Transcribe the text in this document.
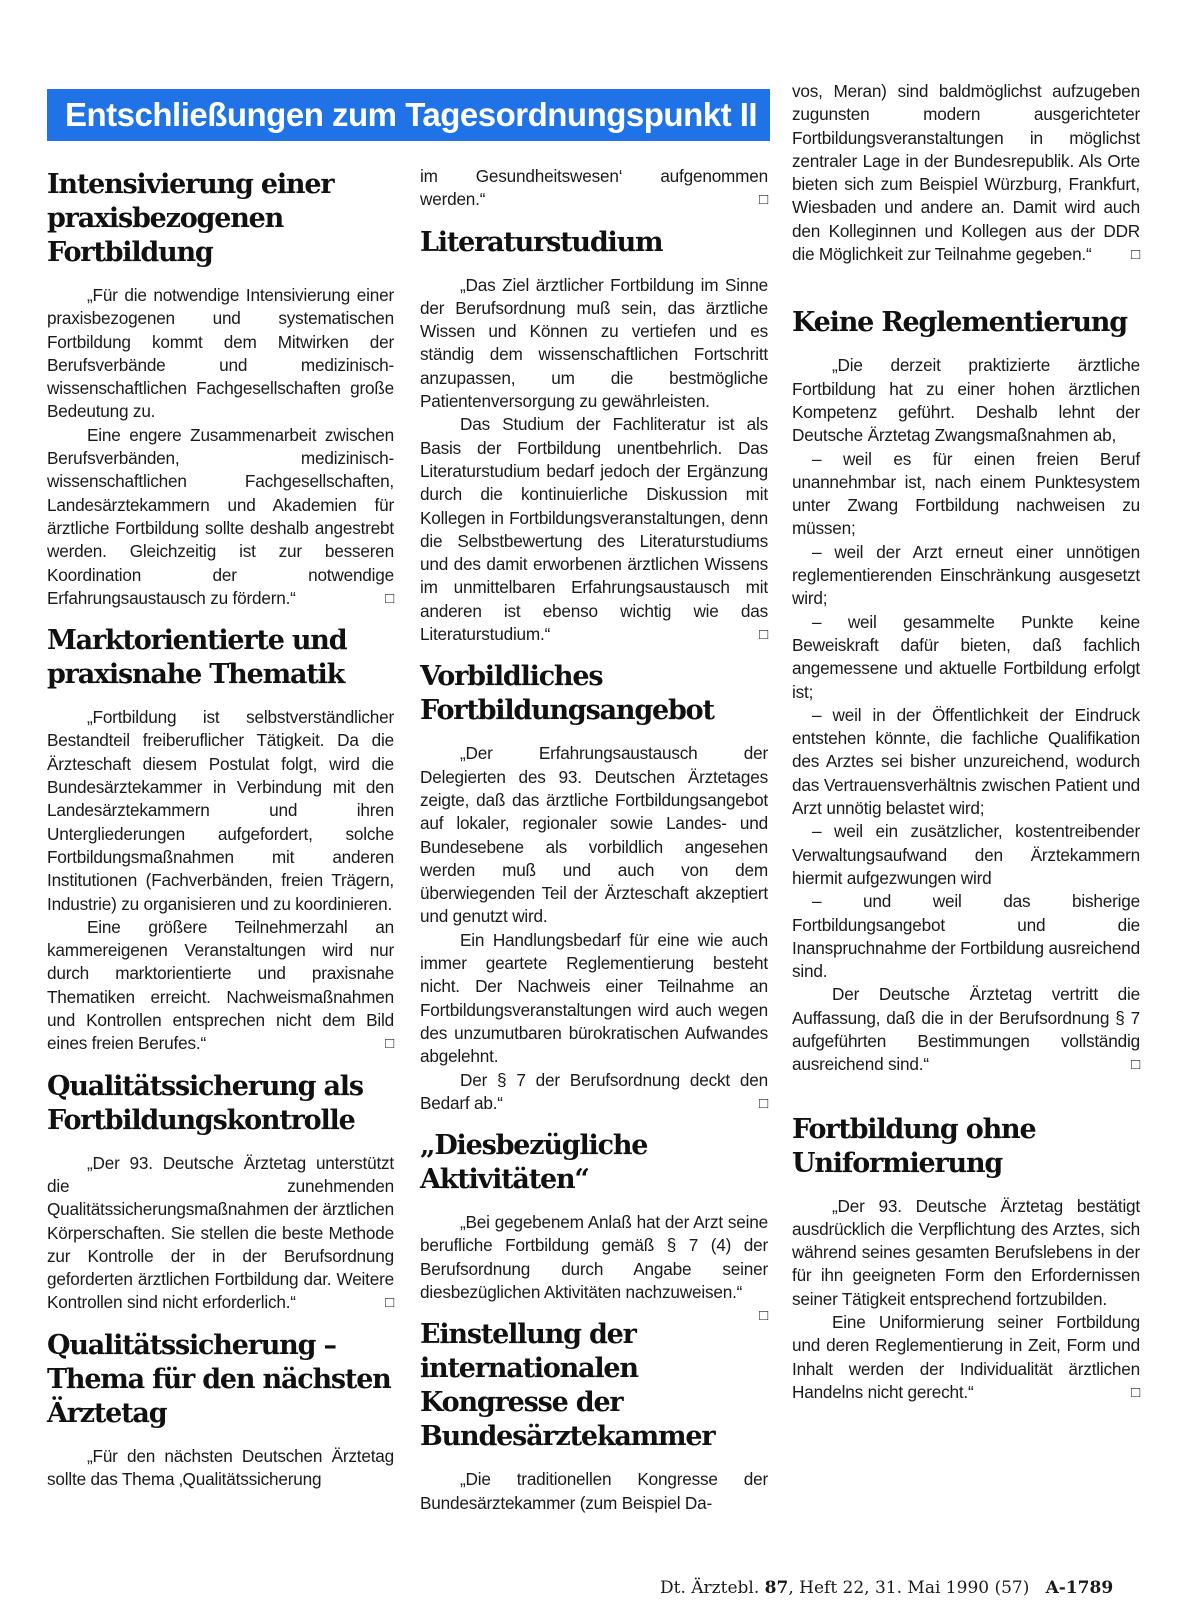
Entschließungen zum Tagesordnungspunkt II
Intensivierung einer praxisbezogenen Fortbildung

„Für die notwendige Intensivierung einer praxisbezogenen und systematischen Fortbildung kommt dem Mitwirken der Berufsverbände und medizinisch-wissenschaftlichen Fachgesellschaften große Bedeutung zu.

Eine engere Zusammenarbeit zwischen Berufsverbänden, medizinisch-wissenschaftlichen Fachgesellschaften, Landesärztekammern und Akademien für ärztliche Fortbildung sollte deshalb angestrebt werden. Gleichzeitig ist zur besseren Koordination der notwendige Erfahrungsaustausch zu fördern.“ □

Marktorientierte und praxisnahe Thematik

„Fortbildung ist selbstverständlicher Bestandteil freiberuflicher Tätigkeit. Da die Ärzteschaft diesem Postulat folgt, wird die Bundesärztekammer in Verbindung mit den Landesärztekammern und ihren Untergliederungen aufgefordert, solche Fortbildungsmaßnahmen mit anderen Institutionen (Fachverbänden, freien Trägern, Industrie) zu organisieren und zu koordinieren.

Eine größere Teilnehmerzahl an kammereigenen Veranstaltungen wird nur durch marktorientierte und praxisnahe Thematiken erreicht. Nachweismaßnahmen und Kontrollen entsprechen nicht dem Bild eines freien Berufes.“ □

Qualitätssicherung als Fortbildungskontrolle

„Der 93. Deutsche Ärztetag unterstützt die zunehmenden Qualitätssicherungsmaßnahmen der ärztlichen Körperschaften. Sie stellen die beste Methode zur Kontrolle der in der Berufsordnung geforderten ärztlichen Fortbildung dar. Weitere Kontrollen sind nicht erforderlich.“ □

Qualitätssicherung – Thema für den nächsten Ärztetag

„Für den nächsten Deutschen Ärztetag sollte das Thema ‚Qualitätssicherung

im Gesundheitswesen‘ aufgenommen werden.“ □

Literaturstudium

„Das Ziel ärztlicher Fortbildung im Sinne der Berufsordnung muß sein, das ärztliche Wissen und Können zu vertiefen und es ständig dem wissenschaftlichen Fortschritt anzupassen, um die bestmögliche Patientenversorgung zu gewährleisten.

Das Studium der Fachliteratur ist als Basis der Fortbildung unentbehrlich. Das Literaturstudium bedarf jedoch der Ergänzung durch die kontinuierliche Diskussion mit Kollegen in Fortbildungsveranstaltungen, denn die Selbstbewertung des Literaturstudiums und des damit erworbenen ärztlichen Wissens im unmittelbaren Erfahrungsaustausch mit anderen ist ebenso wichtig wie das Literaturstudium.“ □

Vorbildliches Fortbildungsangebot

„Der Erfahrungsaustausch der Delegierten des 93. Deutschen Ärztetages zeigte, daß das ärztliche Fortbildungsangebot auf lokaler, regionaler sowie Landes- und Bundesebene als vorbildlich angesehen werden muß und auch von dem überwiegenden Teil der Ärzteschaft akzeptiert und genutzt wird.

Ein Handlungsbedarf für eine wie auch immer geartete Reglementierung besteht nicht. Der Nachweis einer Teilnahme an Fortbildungsveranstaltungen wird auch wegen des unzumutbaren bürokratischen Aufwandes abgelehnt.

Der § 7 der Berufsordnung deckt den Bedarf ab.“ □

„Diesbezügliche Aktivitäten“

„Bei gegebenem Anlaß hat der Arzt seine berufliche Fortbildung gemäß § 7 (4) der Berufsordnung durch Angabe seiner diesbezüglichen Aktivitäten nachzuweisen.“ □

Einstellung der internationalen Kongresse der Bundesärztekammer

„Die traditionellen Kongresse der Bundesärztekammer (zum Beispiel Da-

vos, Meran) sind baldmöglichst aufzugeben zugunsten modern ausgerichteter Fortbildungsveranstaltungen in möglichst zentraler Lage in der Bundesrepublik. Als Orte bieten sich zum Beispiel Würzburg, Frankfurt, Wiesbaden und andere an. Damit wird auch den Kolleginnen und Kollegen aus der DDR die Möglichkeit zur Teilnahme gegeben.“ □

Keine Reglementierung

„Die derzeit praktizierte ärztliche Fortbildung hat zu einer hohen ärztlichen Kompetenz geführt. Deshalb lehnt der Deutsche Ärztetag Zwangsmaßnahmen ab,

– weil es für einen freien Beruf unannehmbar ist, nach einem Punktesystem unter Zwang Fortbildung nachweisen zu müssen;

– weil der Arzt erneut einer unnötigen reglementierenden Einschränkung ausgesetzt wird;

– weil gesammelte Punkte keine Beweiskraft dafür bieten, daß fachlich angemessene und aktuelle Fortbildung erfolgt ist;

– weil in der Öffentlichkeit der Eindruck entstehen könnte, die fachliche Qualifikation des Arztes sei bisher unzureichend, wodurch das Vertrauensverhältnis zwischen Patient und Arzt unnötig belastet wird;

– weil ein zusätzlicher, kostentreibender Verwaltungsaufwand den Ärztekammern hiermit aufgezwungen wird

– und weil das bisherige Fortbildungsangebot und die Inanspruchnahme der Fortbildung ausreichend sind.

Der Deutsche Ärztetag vertritt die Auffassung, daß die in der Berufsordnung § 7 aufgeführten Bestimmungen vollständig ausreichend sind.“ □

Fortbildung ohne Uniformierung

„Der 93. Deutsche Ärztetag bestätigt ausdrücklich die Verpflichtung des Arztes, sich während seines gesamten Berufslebens in der für ihn geeigneten Form den Erfordernissen seiner Tätigkeit entsprechend fortzubilden.

Eine Uniformierung seiner Fortbildung und deren Reglementierung in Zeit, Form und Inhalt werden der Individualität ärztlichen Handelns nicht gerecht.“ □

Dt. Ärztebl. 87, Heft 22, 31. Mai 1990 (57) A-1789
